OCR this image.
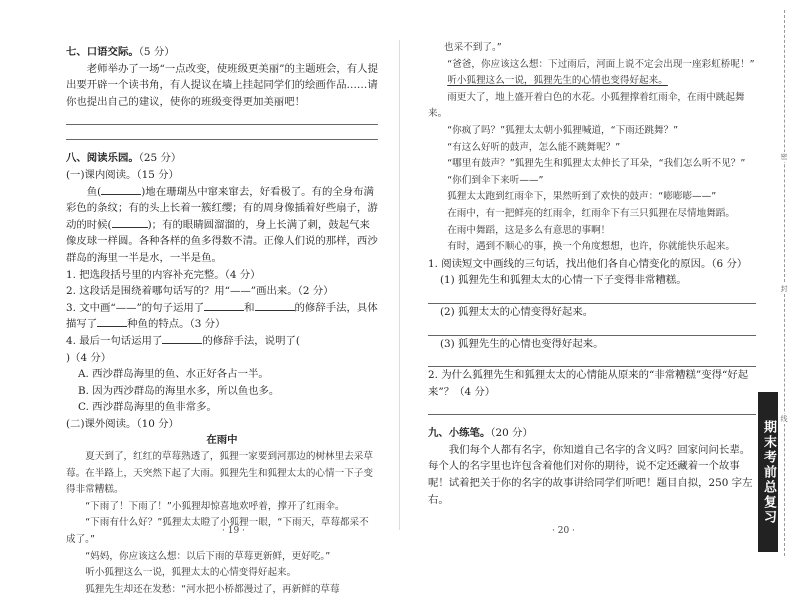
七、口语交际。（5 分）

老师举办了一场“一点改变，使班级更美丽”的主题班会，有人提出要开辟一个读书角，有人提议在墙上挂起同学们的绘画作品……请你也提出自己的建议，使你的班级变得更加美丽吧！

八、阅读乐园。（25 分）

(一)课内阅读。（15 分）

鱼(	)地在珊瑚丛中窜来窜去，好看极了。有的全身布满彩色的条纹；有的头上长着一簇红缨；有的周身像插着好些扇子，游动的时候(	)；有的眼睛圆溜溜的，身上长满了刺，鼓起气来像皮球一样圆。各种各样的鱼多得数不清。正像人们说的那样，西沙群岛的海里一半是水，一半是鱼。

1. 把选段括号里的内容补充完整。（4 分）

2. 这段话是围绕着哪句话写的？用“——”画出来。（2 分）

3. 文中画“——”的句子运用了	和	的修辞手法，具体描写了	种鱼的特点。（3 分）

4. 最后一句话运用了	的修辞手法，说明了()（4 分）

A. 西沙群岛海里的鱼、水正好各占一半。

B. 因为西沙群岛的海里水多，所以鱼也多。

C. 西沙群岛海里的鱼非常多。

(二)课外阅读。（10 分）

在雨中

夏天到了，红红的草莓熟透了，狐狸一家要到河那边的树林里去采草莓。在半路上，天突然下起了大雨。狐狸先生和狐狸太太的心情一下子变得非常糟糕。

“下雨了！下雨了！”小狐狸却惊喜地欢呼着，撑开了红雨伞。

“下雨有什么好？”狐狸太太瞪了小狐狸一眼，“下雨天，草莓都采不成了。”

“妈妈，你应该这么想：以后下雨的草莓更新鲜，更好吃。”

听小狐狸这么一说，狐狸太太的心情变得好起来。

狐狸先生却还在发愁：“河水把小桥都漫过了，再新鲜的草莓

· 19 ·

也采不到了。”

“爸爸，你应该这么想：下过雨后，河面上说不定会出现一座彩虹桥呢！”

听小狐狸这么一说，狐狸先生的心情也变得好起来。

雨更大了，地上盛开着白色的水花。小狐狸撑着红雨伞，在雨中跳起舞来。

“你疯了吗？”狐狸太太朝小狐狸喊道，“下雨还跳舞？”

“有这么好听的鼓声，怎么能不跳舞呢？”

“哪里有鼓声？”狐狸先生和狐狸太太伸长了耳朵，“我们怎么听不见？”

“你们到伞下来听——”

狐狸太太跑到红雨伞下，果然听到了欢快的鼓声：“嘭嘭嘭——”

在雨中，有一把鲜亮的红雨伞，红雨伞下有三只狐狸在尽情地舞蹈。

在雨中舞蹈，这是多么有意思的事啊！

有时，遇到不顺心的事，换一个角度想想，也许，你就能快乐起来。

1. 阅读短文中画线的三句话，找出他们各自心情变化的原因。（6 分）

(1) 狐狸先生和狐狸太太的心情一下子变得非常糟糕。

(2) 狐狸太太的心情变得好起来。

(3) 狐狸先生的心情也变得好起来。

2. 为什么狐狸先生和狐狸太太的心情能从原来的“非常糟糕”变得“好起来”？（4 分）

九、小练笔。（20 分）

我们每个人都有名字，你知道自己名字的含义吗？回家问问长辈。每个人的名字里也许包含着他们对你的期待，说不定还藏着一个故事呢！试着把关于你的名字的故事讲给同学们听吧！题目自拟，250 字左右。

· 20 ·
密
封
线
期末考前总复习
